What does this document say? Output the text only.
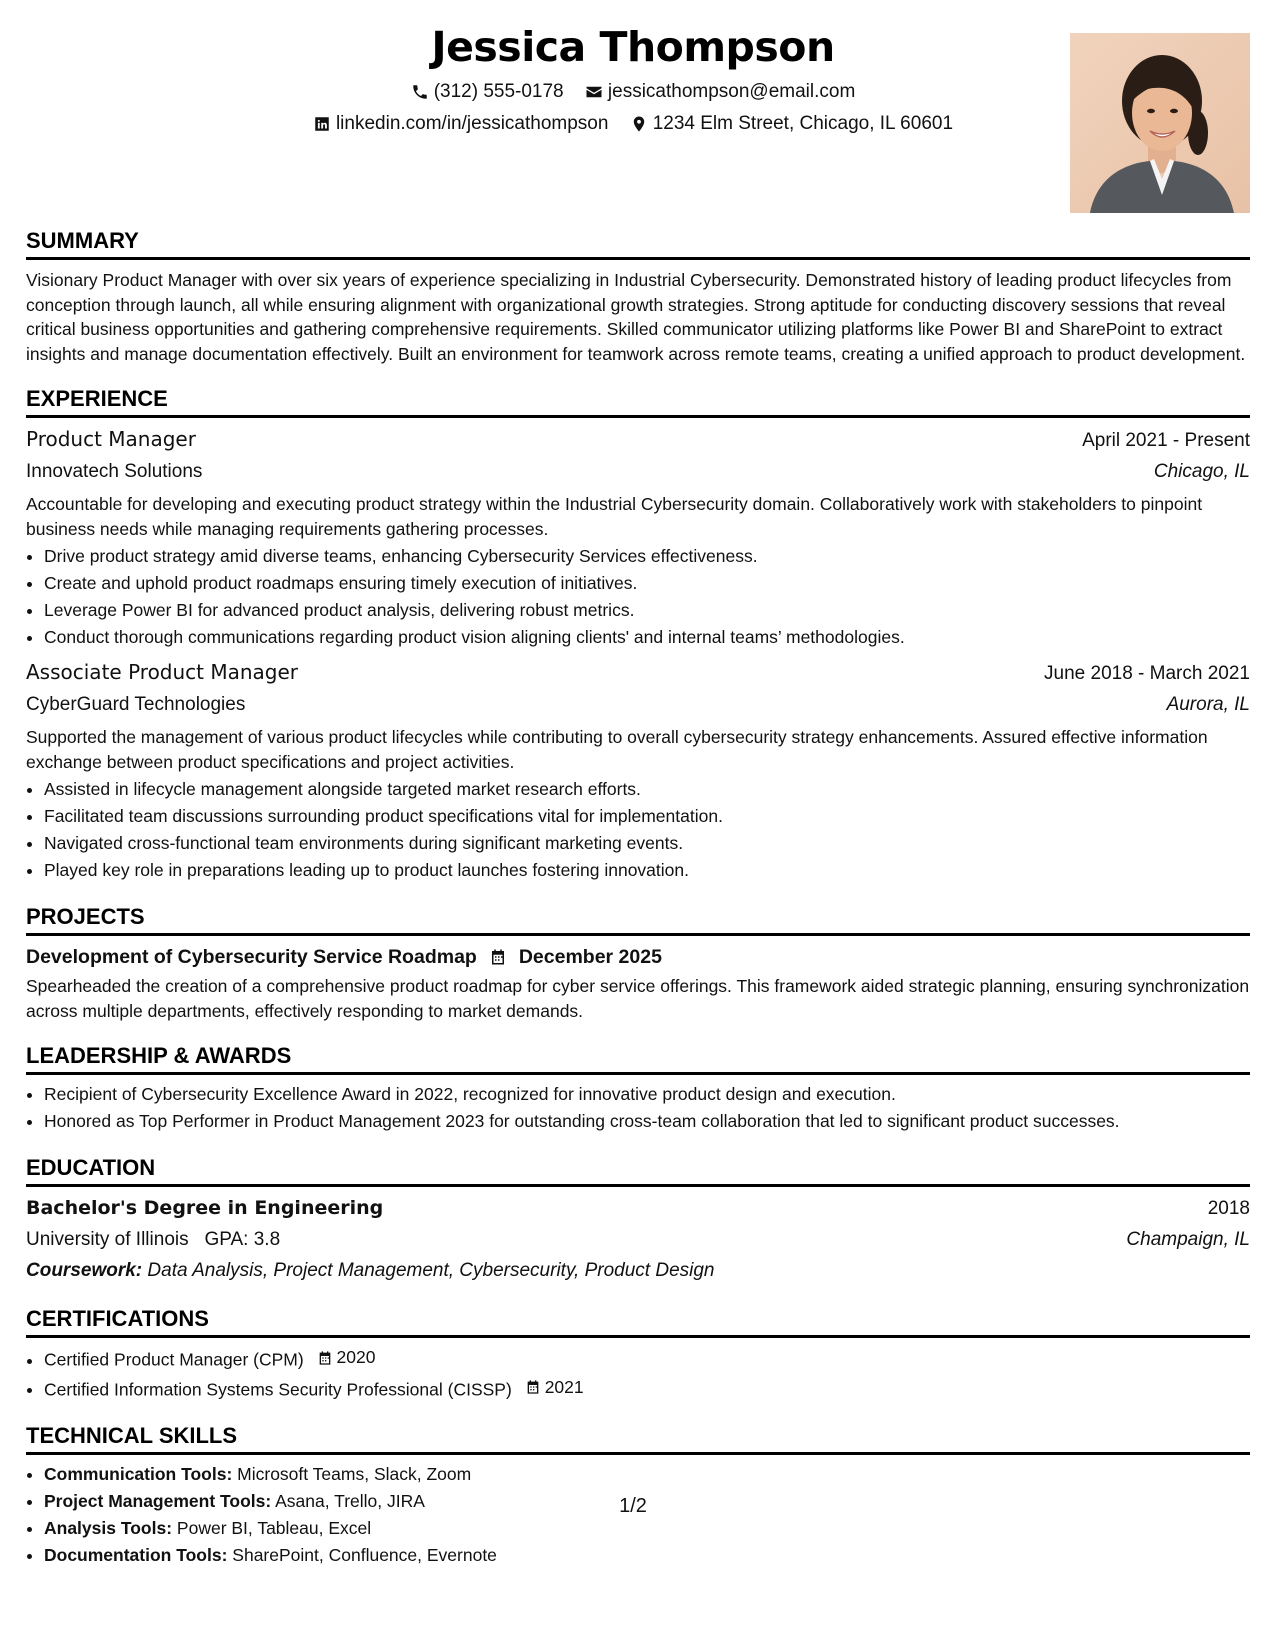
Jessica Thompson
(312) 555-0178
jessicathompson@email.com
linkedin.com/in/jessicathompson
1234 Elm Street, Chicago, IL 60601
SUMMARY

Visionary Product Manager with over six years of experience specializing in Industrial Cybersecurity. Demonstrated history of leading product lifecycles from conception through launch, all while ensuring alignment with organizational growth strategies. Strong aptitude for conducting discovery sessions that reveal critical business opportunities and gathering comprehensive requirements. Skilled communicator utilizing platforms like Power BI and SharePoint to extract insights and manage documentation effectively. Built an environment for teamwork across remote teams, creating a unified approach to product development.

EXPERIENCE
Product Manager	April 2021 - Present
Innovatech Solutions	Chicago, IL

Accountable for developing and executing product strategy within the Industrial Cybersecurity domain. Collaboratively work with stakeholders to pinpoint business needs while managing requirements gathering processes.

• Drive product strategy amid diverse teams, enhancing Cybersecurity Services effectiveness.
• Create and uphold product roadmaps ensuring timely execution of initiatives.
• Leverage Power BI for advanced product analysis, delivering robust metrics.
• Conduct thorough communications regarding product vision aligning clients' and internal teams’ methodologies.
Associate Product Manager	June 2018 - March 2021
CyberGuard Technologies	Aurora, IL

Supported the management of various product lifecycles while contributing to overall cybersecurity strategy enhancements. Assured effective information exchange between product specifications and project activities.

• Assisted in lifecycle management alongside targeted market research efforts.
• Facilitated team discussions surrounding product specifications vital for implementation.
• Navigated cross-functional team environments during significant marketing events.
• Played key role in preparations leading up to product launches fostering innovation.
PROJECTS
Development of Cybersecurity Service Roadmap December 2025

Spearheaded the creation of a comprehensive product roadmap for cyber service offerings. This framework aided strategic planning, ensuring synchronization across multiple departments, effectively responding to market demands.

LEADERSHIP & AWARDS
• Recipient of Cybersecurity Excellence Award in 2022, recognized for innovative product design and execution.
• Honored as Top Performer in Product Management 2023 for outstanding cross-team collaboration that led to significant product successes.
EDUCATION
Bachelor's Degree in Engineering	2018
University of Illinois GPA: 3.8	Champaign, IL
Coursework: Data Analysis, Project Management, Cybersecurity, Product Design
CERTIFICATIONS
• Certified Product Manager (CPM) 2020
• Certified Information Systems Security Professional (CISSP) 2021
TECHNICAL SKILLS
• Communication Tools: Microsoft Teams, Slack, Zoom
• Project Management Tools: Asana, Trello, JIRA
• Analysis Tools: Power BI, Tableau, Excel
• Documentation Tools: SharePoint, Confluence, Evernote
1/2
